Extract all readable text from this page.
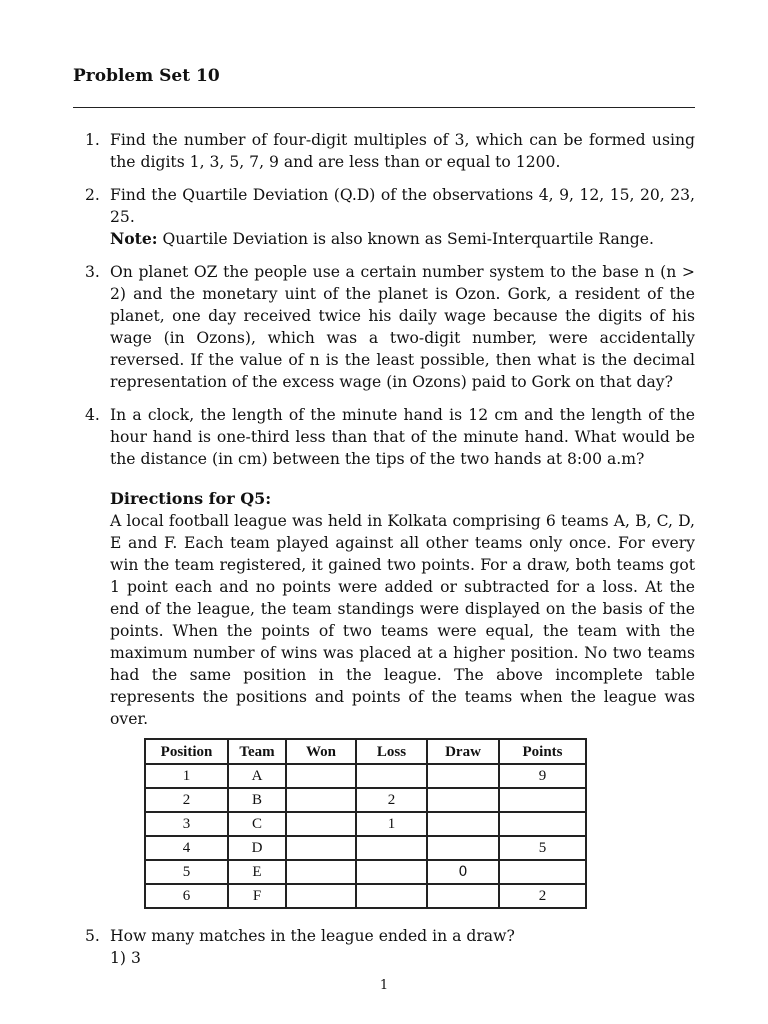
Problem Set 10
1. Find the number of four-digit multiples of 3, which can be formed using the digits 1, 3, 5, 7, 9 and are less than or equal to 1200.
2. Find the Quartile Deviation (Q.D) of the observations 4, 9, 12, 15, 20, 23, 25.
Note: Quartile Deviation is also known as Semi-Interquartile Range.
3. On planet OZ the people use a certain number system to the base n (n > 2) and the monetary uint of the planet is Ozon. Gork, a resident of the planet, one day received twice his daily wage because the digits of his wage (in Ozons), which was a two-digit number, were accidentally reversed. If the value of n is the least possible, then what is the decimal representation of the excess wage (in Ozons) paid to Gork on that day?
4. In a clock, the length of the minute hand is 12 cm and the length of the hour hand is one-third less than that of the minute hand. What would be the distance (in cm) between the tips of the two hands at 8:00 a.m?
Directions for Q5:
A local football league was held in Kolkata comprising 6 teams A, B, C, D, E and F. Each team played against all other teams only once. For every win the team registered, it gained two points. For a draw, both teams got 1 point each and no points were added or subtracted for a loss. At the end of the league, the team standings were displayed on the basis of the points. When the points of two teams were equal, the team with the maximum number of wins was placed at a higher position. No two teams had the same position in the league. The above incomplete table represents the positions and points of the teams when the league was over.
Position	Team	Won	Loss	Draw	Points
1	A				9
2	B		2		
3	C		1		
4	D				5
5	E			0	
6	F				2
5. How many matches in the league ended in a draw?
1) 3
1
